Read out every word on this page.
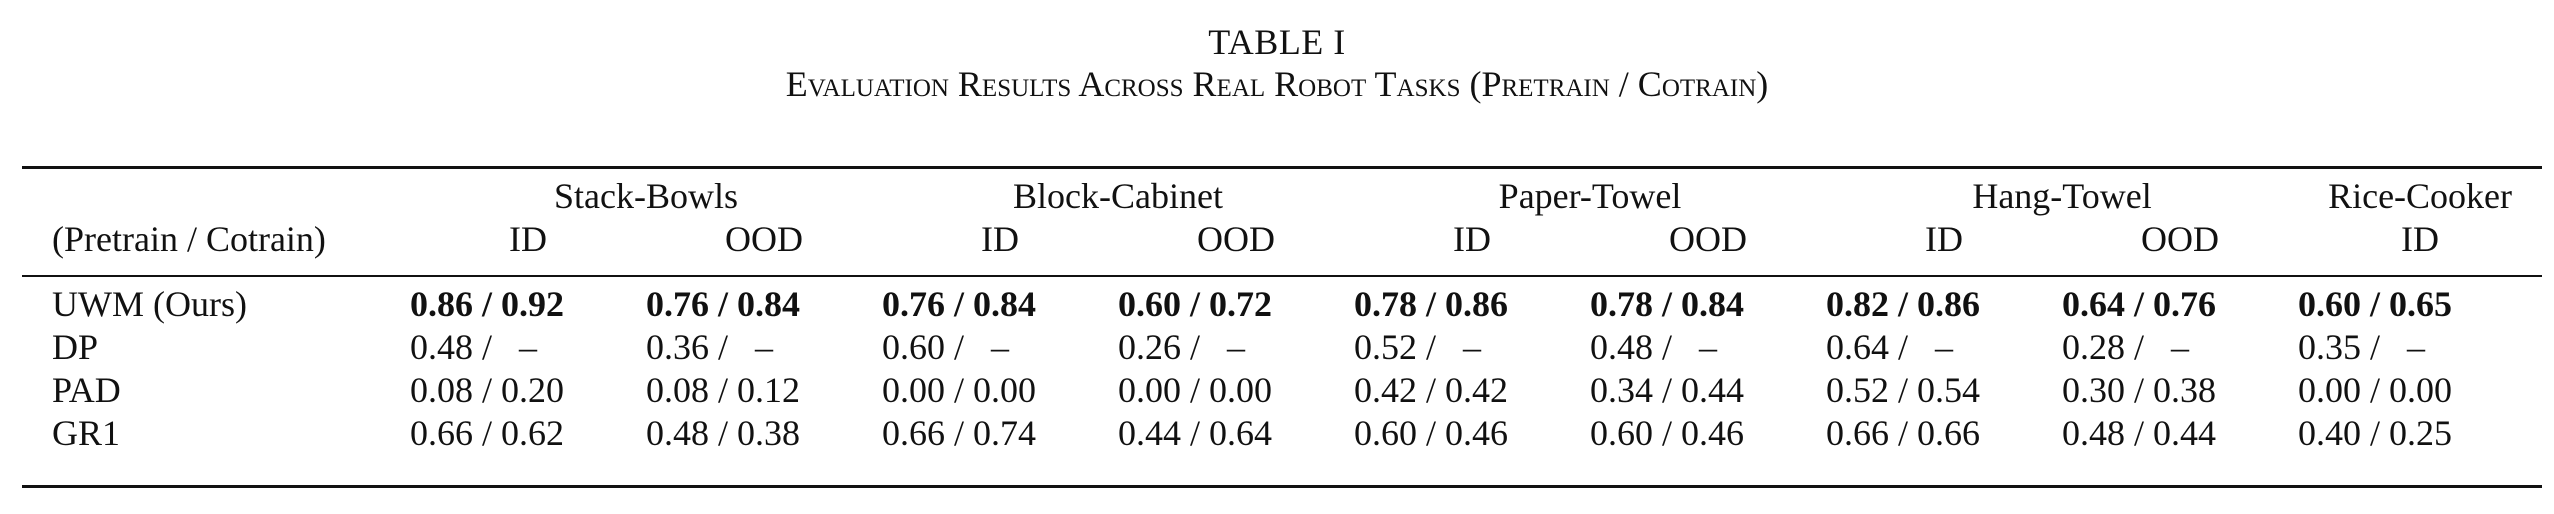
TABLE I
Evaluation Results Across Real Robot Tasks (Pretrain / Cotrain)
	Stack-Bowls		Block-Cabinet		Paper-Towel		Hang-Towel		Rice-Cooker
(Pretrain / Cotrain)	ID	OOD	ID	OOD	ID	OOD	ID	OOD	ID

UWM (Ours)	0.86 / 0.92	0.76 / 0.84	0.76 / 0.84	0.60 / 0.72	0.78 / 0.86	0.78 / 0.84	0.82 / 0.86	0.64 / 0.76	0.60 / 0.65
DP	0.48 /   –	0.36 /   –	0.60 /   –	0.26 /   –	0.52 /   –	0.48 /   –	0.64 /   –	0.28 /   –	0.35 /   –
PAD	0.08 / 0.20	0.08 / 0.12	0.00 / 0.00	0.00 / 0.00	0.42 / 0.42	0.34 / 0.44	0.52 / 0.54	0.30 / 0.38	0.00 / 0.00
GR1	0.66 / 0.62	0.48 / 0.38	0.66 / 0.74	0.44 / 0.64	0.60 / 0.46	0.60 / 0.46	0.66 / 0.66	0.48 / 0.44	0.40 / 0.25
